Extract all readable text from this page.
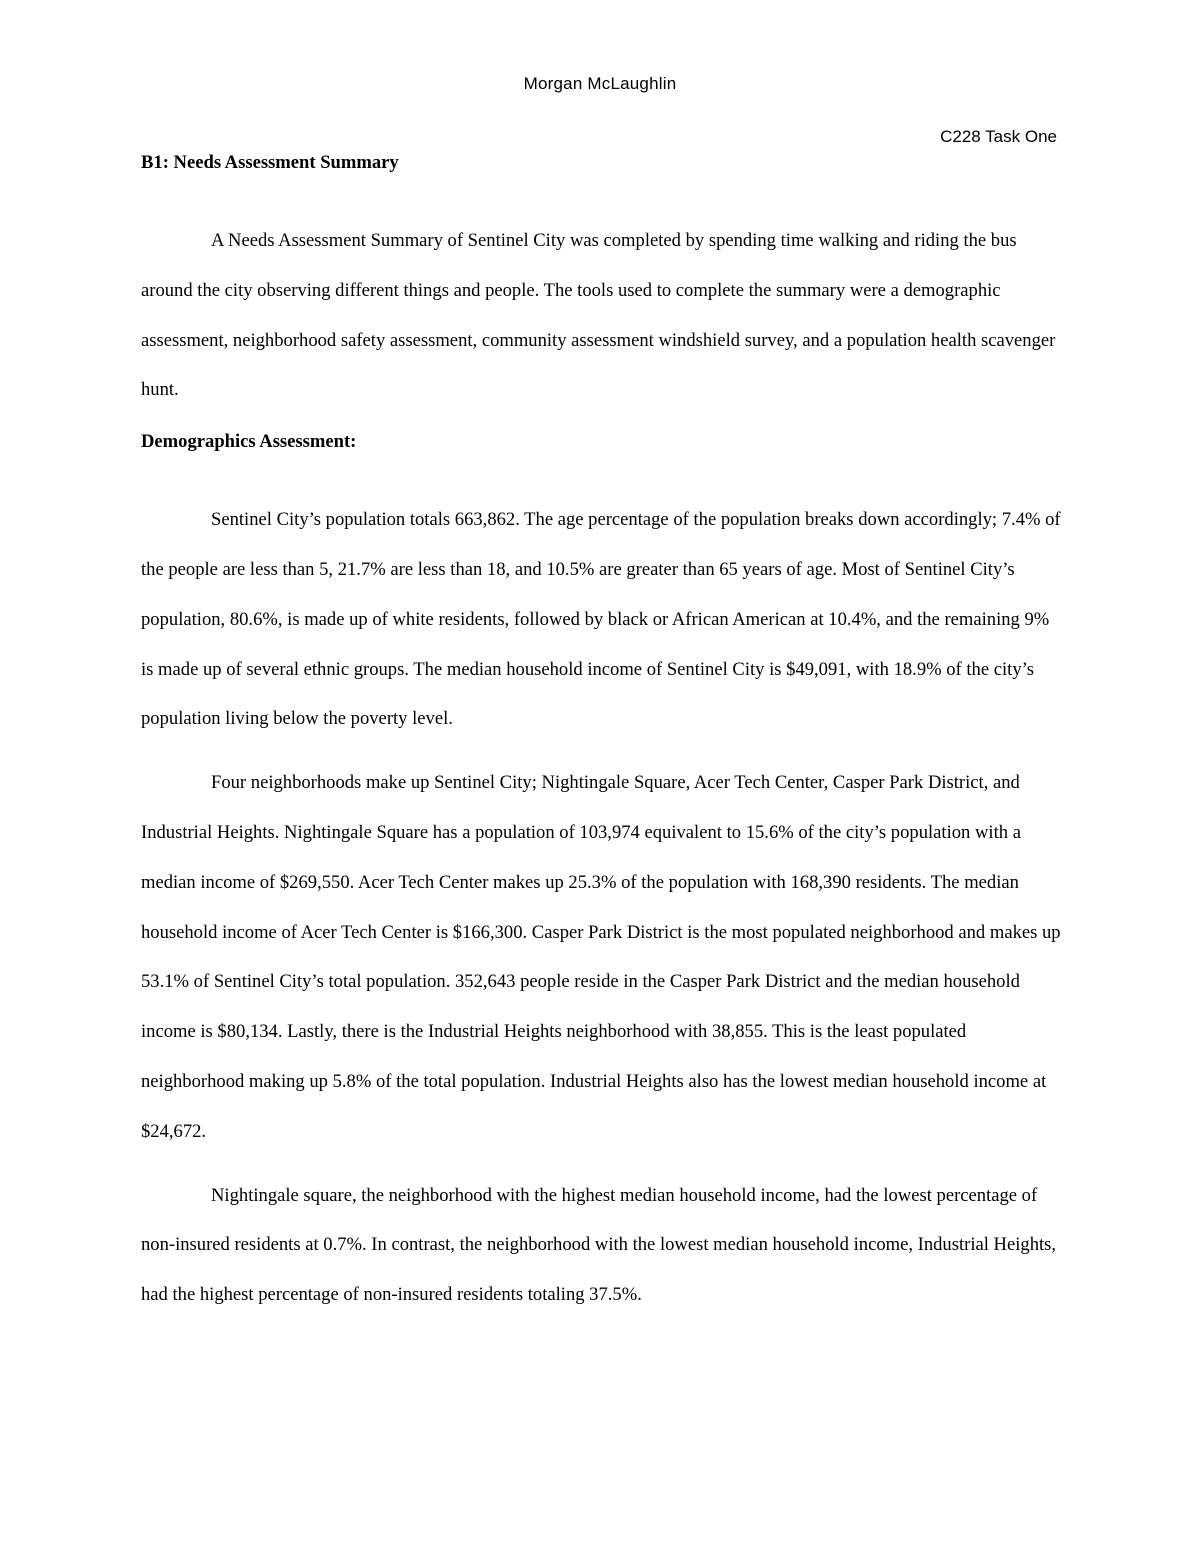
Morgan McLaughlin
C228 Task One
B1: Needs Assessment Summary

A Needs Assessment Summary of Sentinel City was completed by spending time walking and riding the bus around the city observing different things and people. The tools used to complete the summary were a demographic assessment, neighborhood safety assessment, community assessment windshield survey, and a population health scavenger hunt.

Demographics Assessment:

Sentinel City’s population totals 663,862. The age percentage of the population breaks down accordingly; 7.4% of the people are less than 5, 21.7% are less than 18, and 10.5% are greater than 65 years of age. Most of Sentinel City’s population, 80.6%, is made up of white residents, followed by black or African American at 10.4%, and the remaining 9% is made up of several ethnic groups. The median household income of Sentinel City is $49,091, with 18.9% of the city’s population living below the poverty level.

Four neighborhoods make up Sentinel City; Nightingale Square, Acer Tech Center, Casper Park District, and Industrial Heights. Nightingale Square has a population of 103,974 equivalent to 15.6% of the city’s population with a median income of $269,550. Acer Tech Center makes up 25.3% of the population with 168,390 residents. The median household income of Acer Tech Center is $166,300. Casper Park District is the most populated neighborhood and makes up 53.1% of Sentinel City’s total population. 352,643 people reside in the Casper Park District and the median household income is $80,134. Lastly, there is the Industrial Heights neighborhood with 38,855. This is the least populated neighborhood making up 5.8% of the total population. Industrial Heights also has the lowest median household income at $24,672.

Nightingale square, the neighborhood with the highest median household income, had the lowest percentage of non-insured residents at 0.7%. In contrast, the neighborhood with the lowest median household income, Industrial Heights, had the highest percentage of non-insured residents totaling 37.5%.
